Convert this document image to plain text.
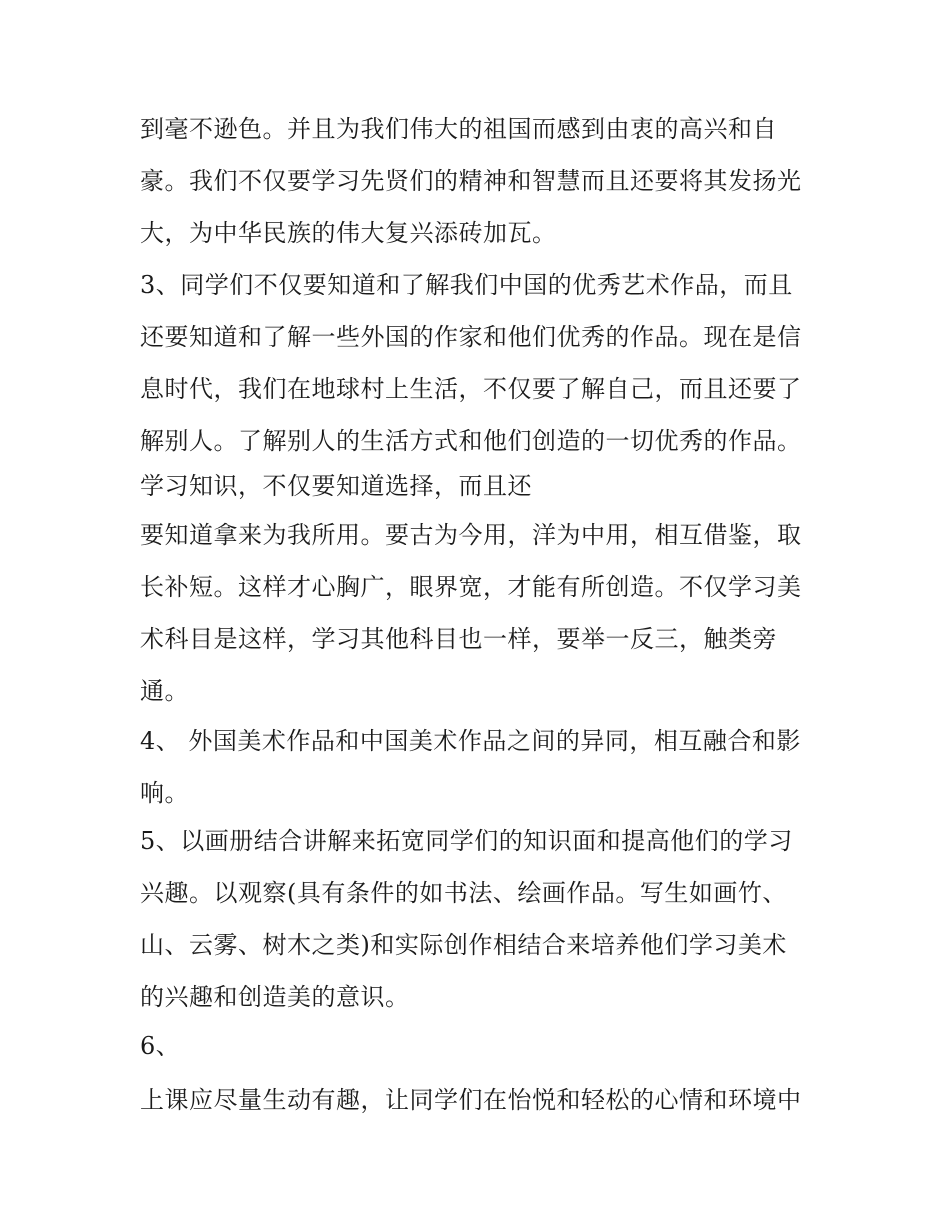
到毫不逊色。并且为我们伟大的祖国而感到由衷的高兴和自
豪。我们不仅要学习先贤们的精神和智慧而且还要将其发扬光
大，为中华民族的伟大复兴添砖加瓦。
3、同学们不仅要知道和了解我们中国的优秀艺术作品，而且
还要知道和了解一些外国的作家和他们优秀的作品。现在是信
息时代，我们在地球村上生活，不仅要了解自己，而且还要了
解别人。了解别人的生活方式和他们创造的一切优秀的作品。
学习知识，不仅要知道选择，而且还
要知道拿来为我所用。要古为今用，洋为中用，相互借鉴，取
长补短。这样才心胸广，眼界宽，才能有所创造。不仅学习美
术科目是这样，学习其他科目也一样，要举一反三，触类旁
通。
4、 外国美术作品和中国美术作品之间的异同，相互融合和影
响。
5、以画册结合讲解来拓宽同学们的知识面和提高他们的学习
兴趣。以观察(具有条件的如书法、绘画作品。写生如画竹、
山、云雾、树木之类)和实际创作相结合来培养他们学习美术
的兴趣和创造美的意识。
6、
上课应尽量生动有趣，让同学们在怡悦和轻松的心情和环境中
